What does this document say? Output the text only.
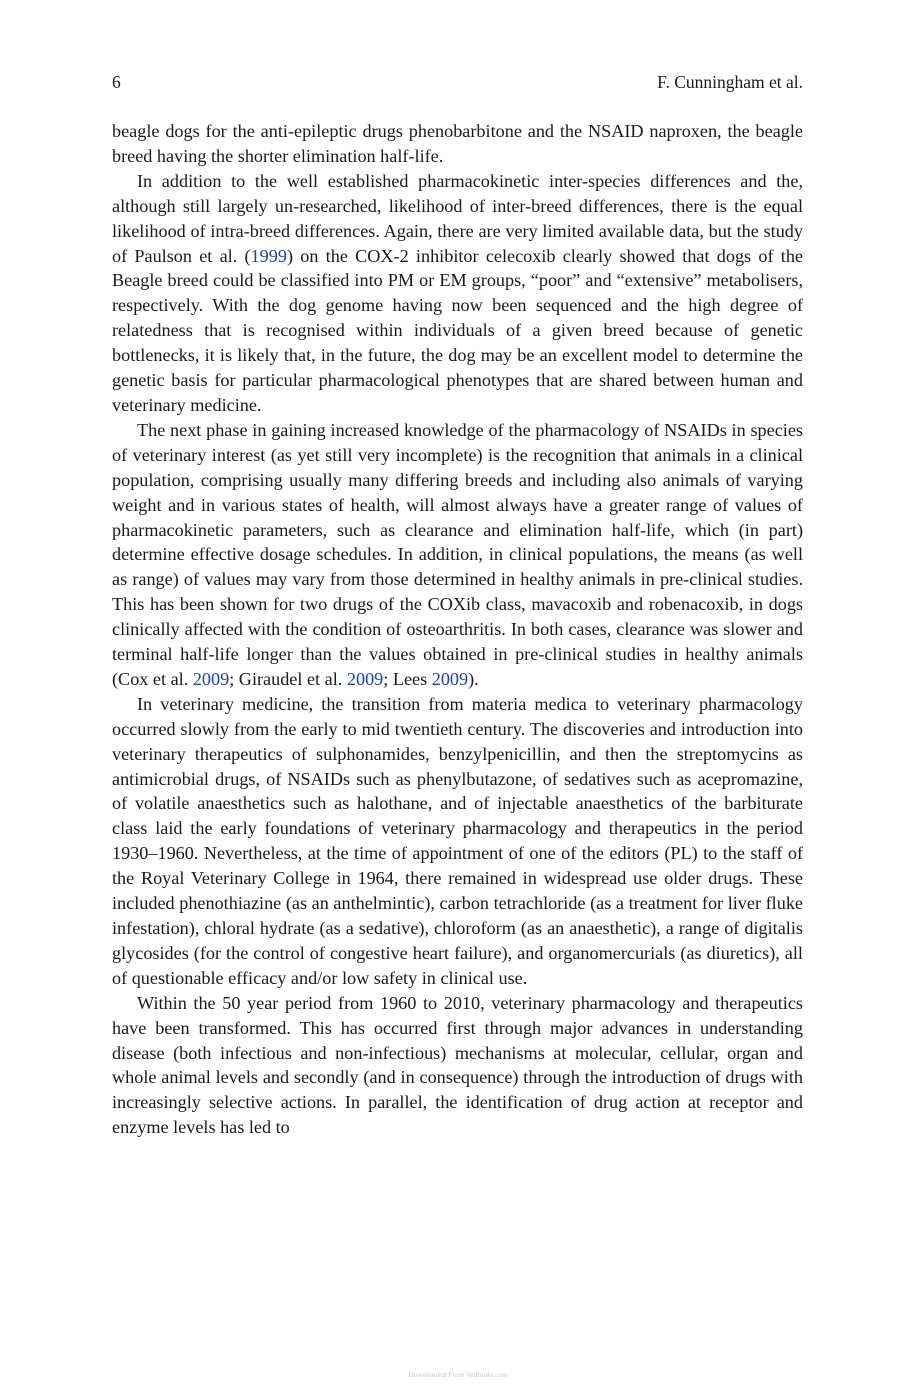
6	F. Cunningham et al.

beagle dogs for the anti-epileptic drugs phenobarbitone and the NSAID naproxen, the beagle breed having the shorter elimination half-life.

In addition to the well established pharmacokinetic inter-species differences and the, although still largely un-researched, likelihood of inter-breed differences, there is the equal likelihood of intra-breed differences. Again, there are very limited available data, but the study of Paulson et al. (1999) on the COX-2 inhibitor celecoxib clearly showed that dogs of the Beagle breed could be classified into PM or EM groups, “poor” and “extensive” metabolisers, respectively. With the dog genome having now been sequenced and the high degree of relatedness that is recognised within individuals of a given breed because of genetic bottlenecks, it is likely that, in the future, the dog may be an excellent model to determine the genetic basis for particular pharmacological phenotypes that are shared between human and veterinary medicine.

The next phase in gaining increased knowledge of the pharmacology of NSAIDs in species of veterinary interest (as yet still very incomplete) is the recognition that animals in a clinical population, comprising usually many differing breeds and including also animals of varying weight and in various states of health, will almost always have a greater range of values of pharmacokinetic parameters, such as clearance and elimination half-life, which (in part) determine effective dosage schedules. In addition, in clinical populations, the means (as well as range) of values may vary from those determined in healthy animals in pre-clinical studies. This has been shown for two drugs of the COXib class, mavacoxib and robenacoxib, in dogs clinically affected with the condition of osteoarthritis. In both cases, clearance was slower and terminal half-life longer than the values obtained in pre-clinical studies in healthy animals (Cox et al. 2009; Giraudel et al. 2009; Lees 2009).

In veterinary medicine, the transition from materia medica to veterinary pharmacology occurred slowly from the early to mid twentieth century. The discoveries and introduction into veterinary therapeutics of sulphonamides, benzylpenicillin, and then the streptomycins as antimicrobial drugs, of NSAIDs such as phenylbutazone, of sedatives such as acepromazine, of volatile anaesthetics such as halothane, and of injectable anaesthetics of the barbiturate class laid the early foundations of veterinary pharmacology and therapeutics in the period 1930–1960. Nevertheless, at the time of appointment of one of the editors (PL) to the staff of the Royal Veterinary College in 1964, there remained in widespread use older drugs. These included phenothiazine (as an anthelmintic), carbon tetrachloride (as a treatment for liver fluke infestation), chloral hydrate (as a sedative), chloroform (as an anaesthetic), a range of digitalis glycosides (for the control of congestive heart failure), and organomercurials (as diuretics), all of questionable efficacy and/or low safety in clinical use.

Within the 50 year period from 1960 to 2010, veterinary pharmacology and therapeutics have been transformed. This has occurred first through major advances in understanding disease (both infectious and non-infectious) mechanisms at molecular, cellular, organ and whole animal levels and secondly (and in consequence) through the introduction of drugs with increasingly selective actions. In parallel, the identification of drug action at receptor and enzyme levels has led to

Downloaded From VetBooks.com
